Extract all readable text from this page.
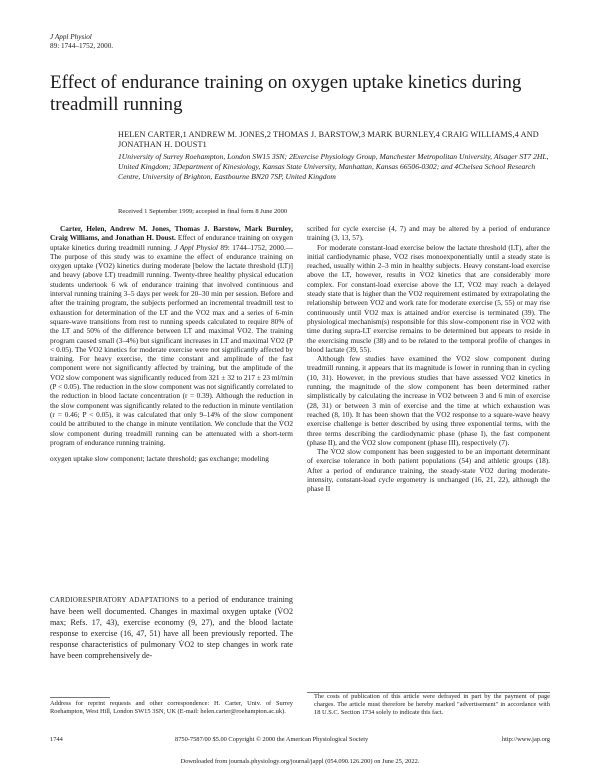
J Appl Physiol
89: 1744–1752, 2000.
Effect of endurance training on oxygen uptake kinetics during treadmill running
HELEN CARTER,1 ANDREW M. JONES,2 THOMAS J. BARSTOW,3 MARK BURNLEY,4 CRAIG WILLIAMS,4 AND JONATHAN H. DOUST1
1University of Surrey Roehampton, London SW15 3SN; 2Exercise Physiology Group, Manchester Metropolitan University, Alsager ST7 2HL, United Kingdom; 3Department of Kinesiology, Kansas State University, Manhattan, Kansas 66506-0302; and 4Chelsea School Research Centre, University of Brighton, Eastbourne BN20 7SP, United Kingdom
Received 1 September 1999; accepted in final form 8 June 2000

Carter, Helen, Andrew M. Jones, Thomas J. Barstow, Mark Burnley, Craig Williams, and Jonathan H. Doust. Effect of endurance training on oxygen uptake kinetics during treadmill running. J Appl Physiol 89: 1744–1752, 2000.—The purpose of this study was to examine the effect of endurance training on oxygen uptake (V̇O2) kinetics during moderate [below the lactate threshold (LT)] and heavy (above LT) treadmill running. Twenty-three healthy physical education students undertook 6 wk of endurance training that involved continuous and interval running training 3–5 days per week for 20–30 min per session. Before and after the training program, the subjects performed an incremental treadmill test to exhaustion for determination of the LT and the V̇O2 max and a series of 6-min square-wave transitions from rest to running speeds calculated to require 80% of the LT and 50% of the difference between LT and maximal V̇O2. The training program caused small (3–4%) but significant increases in LT and maximal V̇O2 (P < 0.05). The V̇O2 kinetics for moderate exercise were not significantly affected by training. For heavy exercise, the time constant and amplitude of the fast component were not significantly affected by training, but the amplitude of the V̇O2 slow component was significantly reduced from 321 ± 32 to 217 ± 23 ml/min (P < 0.05). The reduction in the slow component was not significantly correlated to the reduction in blood lactate concentration (r = 0.39). Although the reduction in the slow component was significantly related to the reduction in minute ventilation (r = 0.46; P < 0.05), it was calculated that only 9–14% of the slow component could be attributed to the change in minute ventilation. We conclude that the V̇O2 slow component during treadmill running can be attenuated with a short-term program of endurance running training.

oxygen uptake slow component; lactate threshold; gas exchange; modeling

CARDIORESPIRATORY ADAPTATIONS to a period of endurance training have been well documented. Changes in maximal oxygen uptake (V̇O2 max; Refs. 17, 43), exercise economy (9, 27), and the blood lactate response to exercise (16, 47, 51) have all been previously reported. The response characteristics of pulmonary V̇O2 to step changes in work rate have been comprehensively de-

scribed for cycle exercise (4, 7) and may be altered by a period of endurance training (3, 13, 57).

For moderate constant-load exercise below the lactate threshold (LT), after the initial cardiodynamic phase, V̇O2 rises monoexponentially until a steady state is reached, usually within 2–3 min in healthy subjects. Heavy constant-load exercise above the LT, however, results in V̇O2 kinetics that are considerably more complex. For constant-load exercise above the LT, V̇O2 may reach a delayed steady state that is higher than the V̇O2 requirement estimated by extrapolating the relationship between V̇O2 and work rate for moderate exercise (5, 55) or may rise continuously until V̇O2 max is attained and/or exercise is terminated (39). The physiological mechanism(s) responsible for this slow-component rise in V̇O2 with time during supra-LT exercise remains to be determined but appears to reside in the exercising muscle (38) and to be related to the temporal profile of changes in blood lactate (39, 55).

Although few studies have examined the V̇O2 slow component during treadmill running, it appears that its magnitude is lower in running than in cycling (10, 31). However, in the previous studies that have assessed V̇O2 kinetics in running, the magnitude of the slow component has been determined rather simplistically by calculating the increase in V̇O2 between 3 and 6 min of exercise (28, 31) or between 3 min of exercise and the time at which exhaustion was reached (8, 10). It has been shown that the V̇O2 response to a square-wave heavy exercise challenge is better described by using three exponential terms, with the three terms describing the cardiodynamic phase (phase I), the fast component (phase II), and the V̇O2 slow component (phase III), respectively (7).

The V̇O2 slow component has been suggested to be an important determinant of exercise tolerance in both patient populations (54) and athletic groups (18). After a period of endurance training, the steady-state V̇O2 during moderate-intensity, constant-load cycle ergometry is unchanged (16, 21, 22), although the phase II

Address for reprint requests and other correspondence: H. Carter, Univ. of Surrey Roehampton, West Hill, London SW15 3SN, UK (E-mail: helen.carter@roehampton.ac.uk).
The costs of publication of this article were defrayed in part by the payment of page charges. The article must therefore be hereby marked "advertisement" in accordance with 18 U.S.C. Section 1734 solely to indicate this fact.
1744	8750-7587/00 $5.00 Copyright © 2000 the American Physiological Society	http://www.jap.org
Downloaded from journals.physiology.org/journal/jappl (054.090.126.200) on June 25, 2022.
